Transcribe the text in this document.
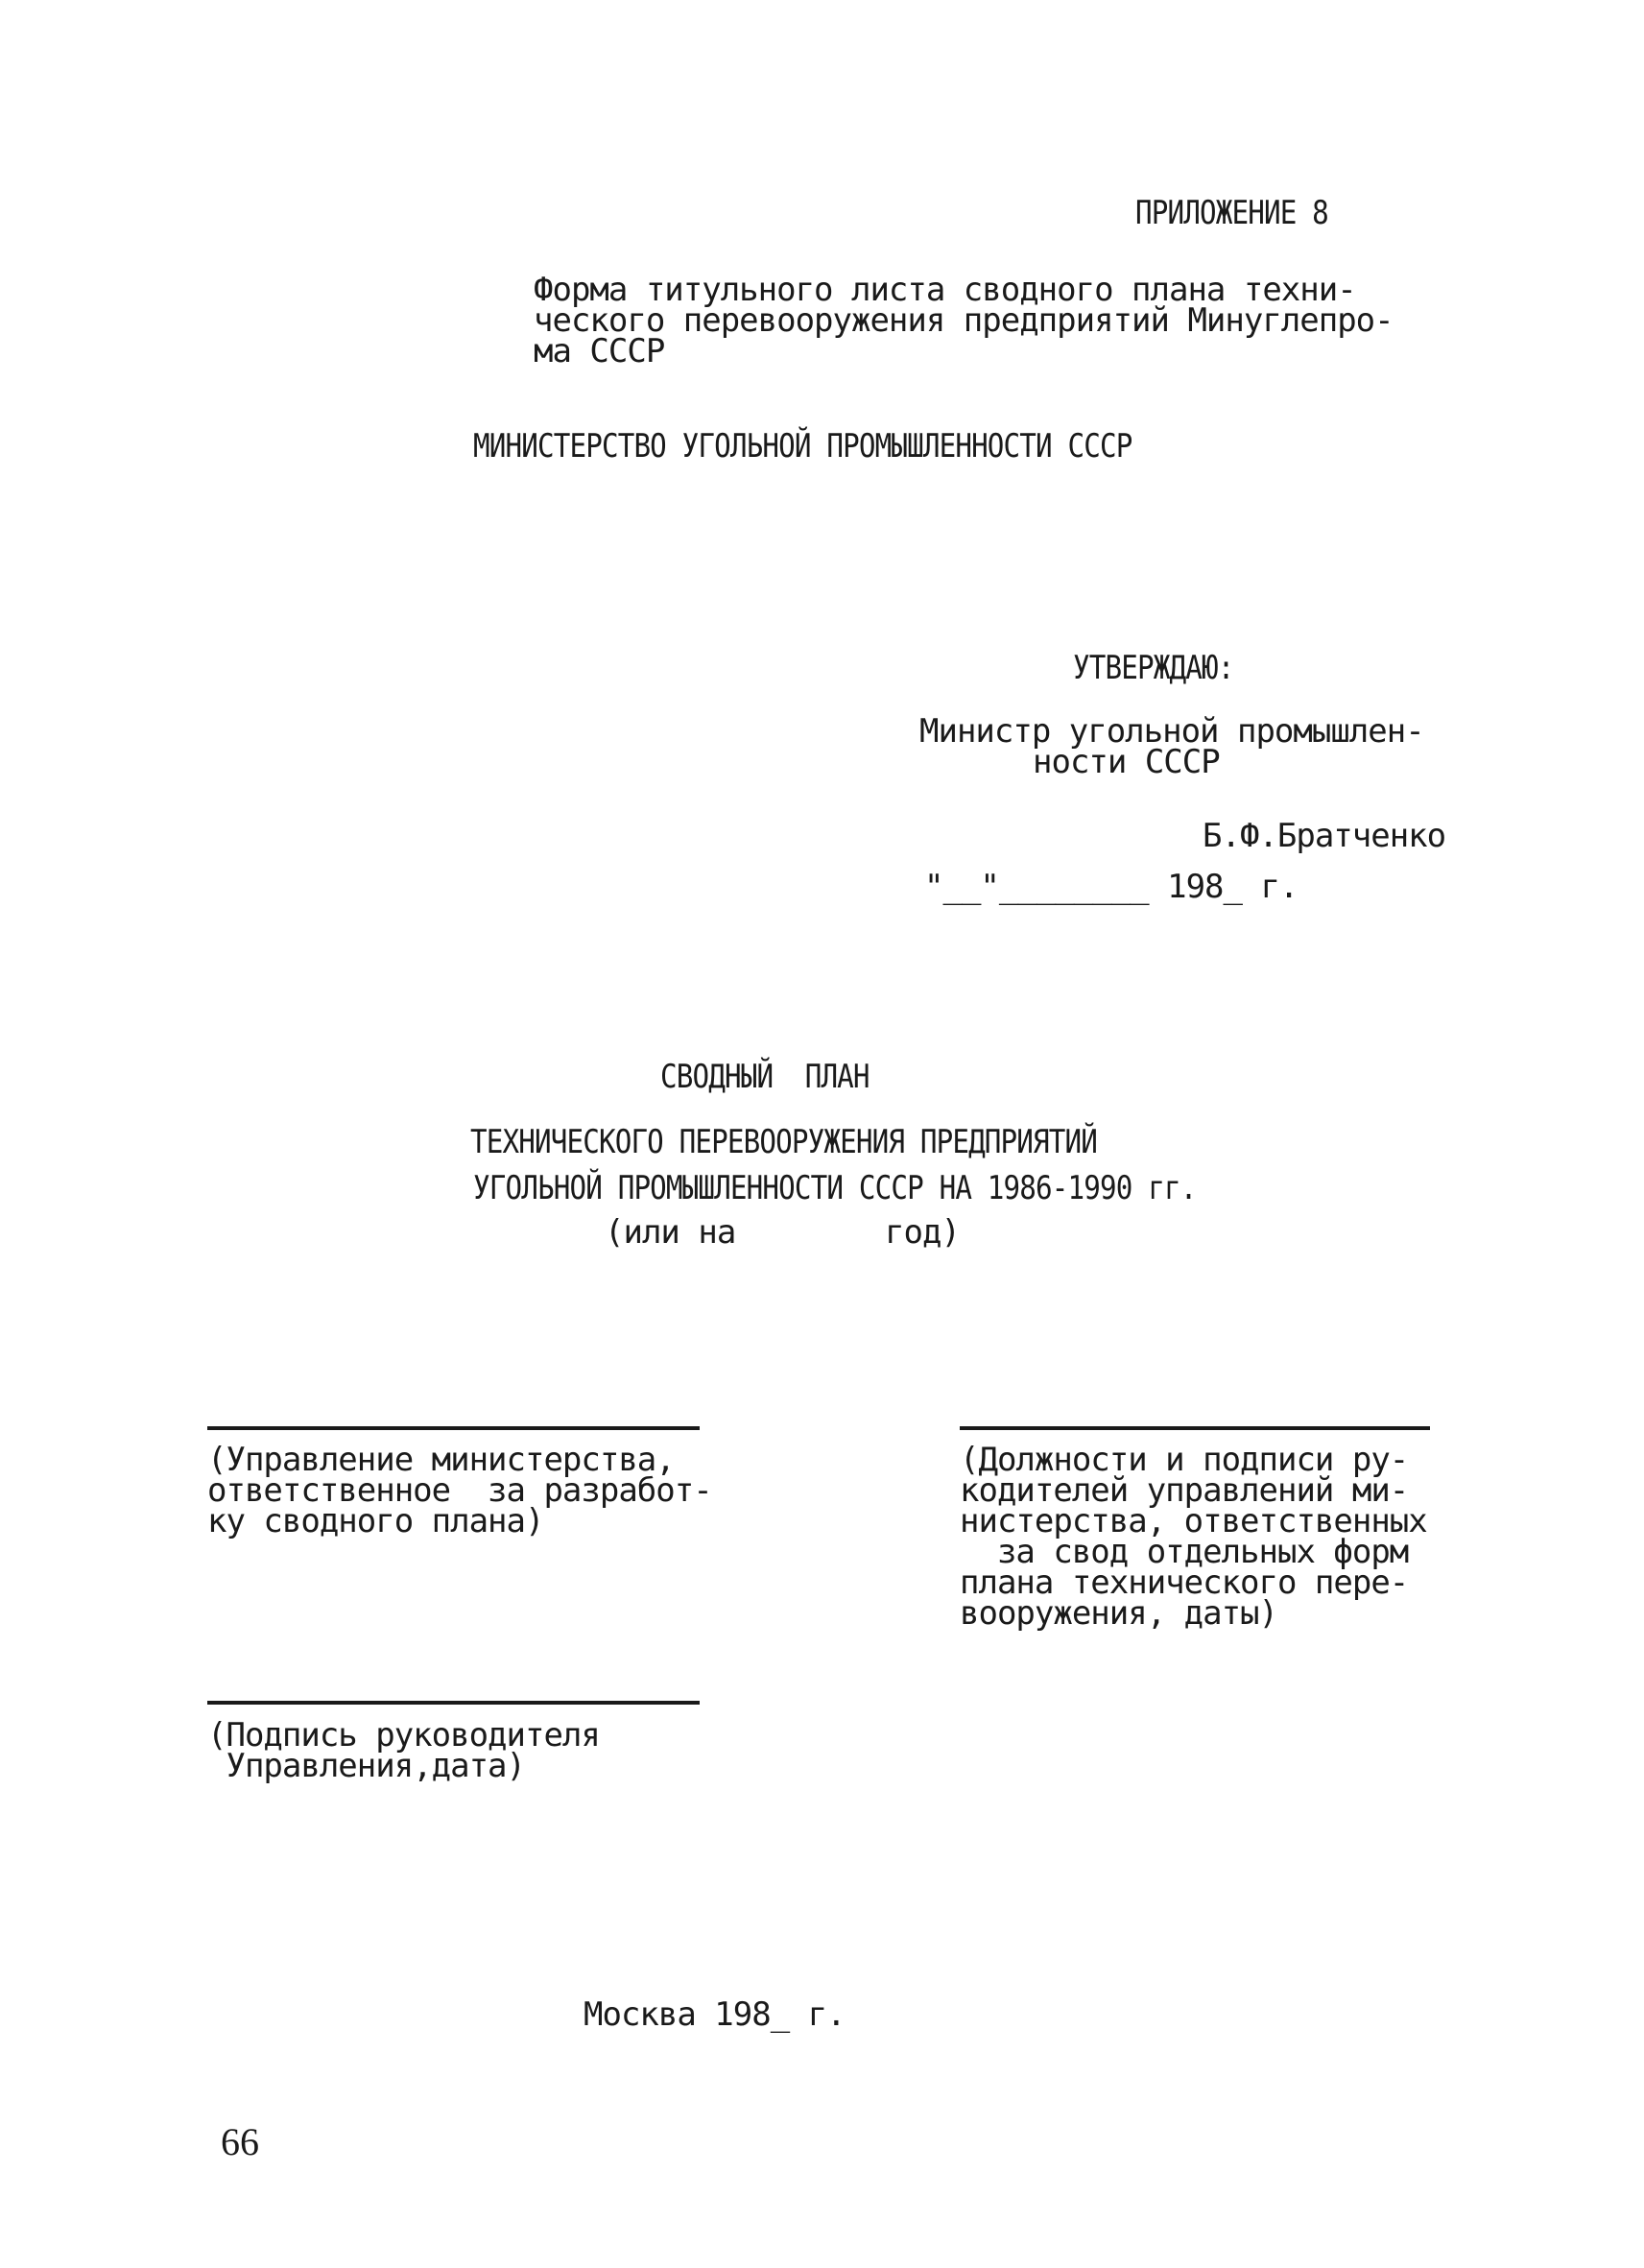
ПРИЛОЖЕНИЕ 8
Форма титульного листа сводного плана техни-
ческого перевооружения предприятий Минуглепро-
ма СССР
МИНИСТЕРСТВО УГОЛЬНОЙ ПРОМЫШЛЕННОСТИ СССР
УТВЕРЖДАЮ:
Министр угольной промышлен-
ности СССР
Б.Ф.Братченко
"__"________ 198_ г.
СВОДНЫЙ  ПЛАН
ТЕХНИЧЕСКОГО ПЕРЕВООРУЖЕНИЯ ПРЕДПРИЯТИЙ
УГОЛЬНОЙ ПРОМЫШЛЕННОСТИ СССР НА 1986-1990 гг.
(или на        год)
(Управление министерства,
ответственное  за разработ-
ку сводного плана)
(Должности и подписи ру-
кодителей управлений ми-
нистерства, ответственных
за свод отдельных форм
плана технического пере-
вооружения, даты)
(Подпись руководителя
Управления,дата)
Москва 198_ г.
66
